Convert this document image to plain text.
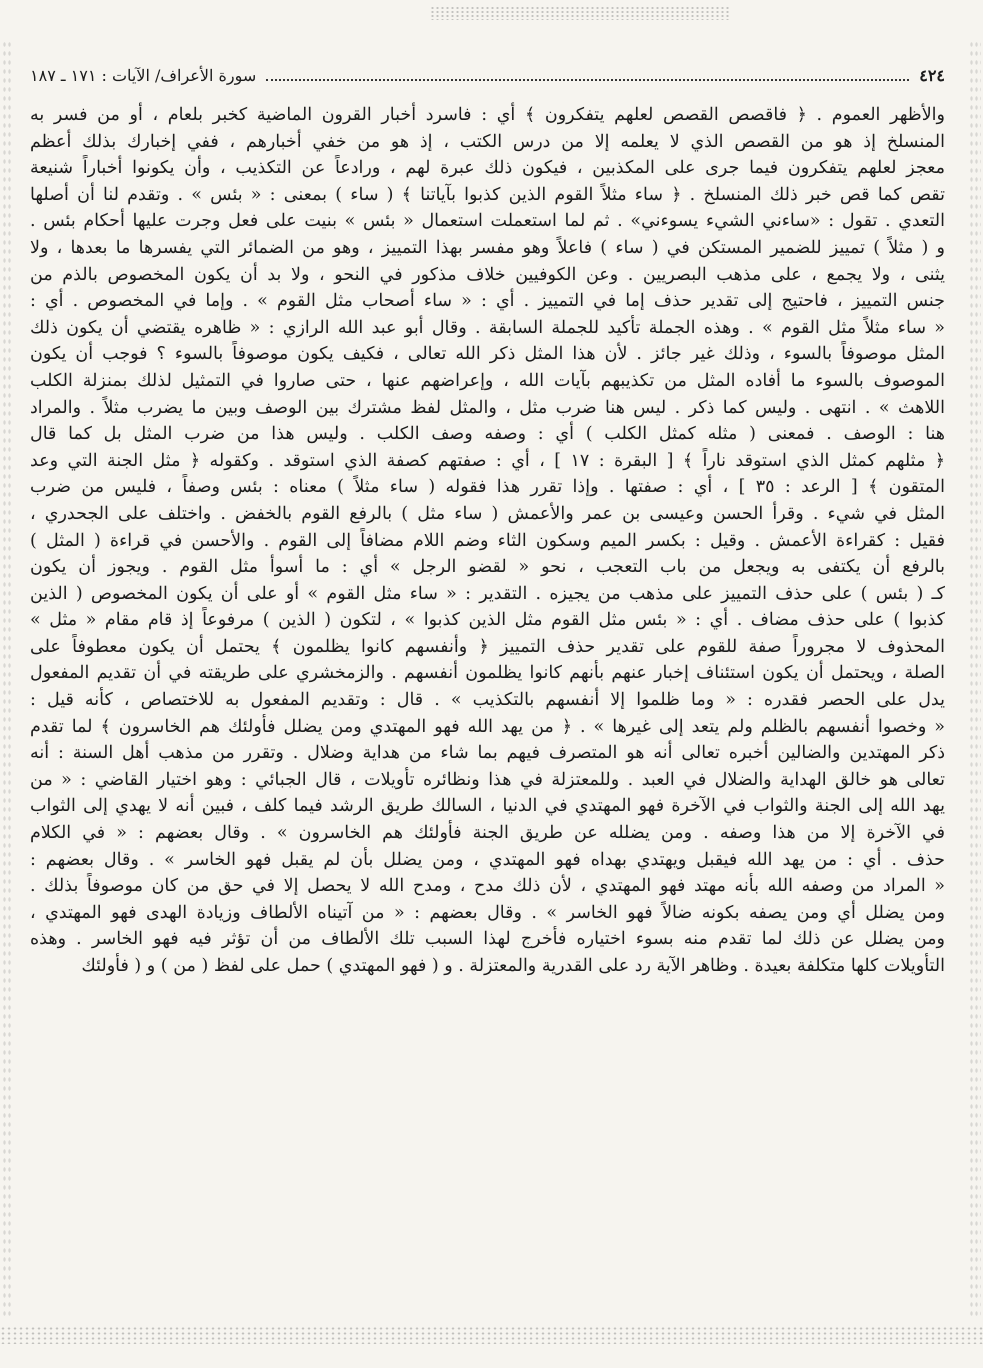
٤٢٤
سورة الأعراف/ الآيات : ١٧١ ـ ١٨٧
والأظهر العموم . ﴿ فاقصص القصص لعلهم يتفكرون ﴾ أي : فاسرد أخبار القرون الماضية كخبر بلعام ، أو من فسر به
المنسلخ إذ هو من القصص الذي لا يعلمه إلا من درس الكتب ، إذ هو من خفي أخبارهم ، ففي إخبارك بذلك أعظم
معجز لعلهم يتفكرون فيما جرى على المكذبين ، فيكون ذلك عبرة لهم ، ورادعاً عن التكذيب ، وأن يكونوا أخباراً شنيعة
تقص كما قص خبر ذلك المنسلخ . ﴿ ساء مثلاً القوم الذين كذبوا بآياتنا ﴾ ( ساء ) بمعنى : « بئس » . وتقدم لنا أن أصلها
التعدي . تقول : «ساءني الشيء يسوءني» . ثم لما استعملت استعمال « بئس » بنيت على فعل وجرت عليها أحكام بئس .
و ( مثلاً ) تمييز للضمير المستكن في ( ساء ) فاعلاً وهو مفسر بهذا التمييز ، وهو من الضمائر التي يفسرها ما بعدها ، ولا
يثنى ، ولا يجمع ، على مذهب البصريين . وعن الكوفيين خلاف مذكور في النحو ، ولا بد أن يكون المخصوص بالذم من
جنس التمييز ، فاحتيج إلى تقدير حذف إما في التمييز . أي : « ساء أصحاب مثل القوم » . وإما في المخصوص . أي :
« ساء مثلاً مثل القوم » . وهذه الجملة تأكيد للجملة السابقة . وقال أبو عبد الله الرازي : « ظاهره يقتضي أن يكون ذلك
المثل موصوفاً بالسوء ، وذلك غير جائز . لأن هذا المثل ذكر الله تعالى ، فكيف يكون موصوفاً بالسوء ؟ فوجب أن يكون
الموصوف بالسوء ما أفاده المثل من تكذيبهم بآيات الله ، وإعراضهم عنها ، حتى صاروا في التمثيل لذلك بمنزلة الكلب
اللاهث » . انتهى . وليس كما ذكر . ليس هنا ضرب مثل ، والمثل لفظ مشترك بين الوصف وبين ما يضرب مثلاً . والمراد
هنا : الوصف . فمعنى ( مثله كمثل الكلب ) أي : وصفه وصف الكلب . وليس هذا من ضرب المثل بل كما قال
﴿ مثلهم كمثل الذي استوقد ناراً ﴾ [ البقرة : ١٧ ] ، أي : صفتهم كصفة الذي استوقد . وكقوله ﴿ مثل الجنة التي وعد
المتقون ﴾ [ الرعد : ٣٥ ] ، أي : صفتها . وإذا تقرر هذا فقوله ( ساء مثلاً ) معناه : بئس وصفاً ، فليس من ضرب
المثل في شيء . وقرأ الحسن وعيسى بن عمر والأعمش ( ساء مثل ) بالرفع القوم بالخفض . واختلف على الجحدري ،
فقيل : كقراءة الأعمش . وقيل : بكسر الميم وسكون الثاء وضم اللام مضافاً إلى القوم . والأحسن في قراءة ( المثل )
بالرفع أن يكتفى به ويجعل من باب التعجب ، نحو « لقضو الرجل » أي : ما أسوأ مثل القوم . ويجوز أن يكون
كـ ( بئس ) على حذف التمييز على مذهب من يجيزه . التقدير : « ساء مثل القوم » أو على أن يكون المخصوص ( الذين
كذبوا ) على حذف مضاف . أي : « بئس مثل القوم مثل الذين كذبوا » ، لتكون ( الذين ) مرفوعاً إذ قام مقام « مثل »
المحذوف لا مجروراً صفة للقوم على تقدير حذف التمييز ﴿ وأنفسهم كانوا يظلمون ﴾ يحتمل أن يكون معطوفاً على
الصلة ، ويحتمل أن يكون استئناف إخبار عنهم بأنهم كانوا يظلمون أنفسهم . والزمخشري على طريقته في أن تقديم المفعول
يدل على الحصر فقدره : « وما ظلموا إلا أنفسهم بالتكذيب » . قال : وتقديم المفعول به للاختصاص ، كأنه قيل :
« وخصوا أنفسهم بالظلم ولم يتعد إلى غيرها » . ﴿ من يهد الله فهو المهتدي ومن يضلل فأولئك هم الخاسرون ﴾ لما تقدم
ذكر المهتدين والضالين أخبره تعالى أنه هو المتصرف فيهم بما شاء من هداية وضلال . وتقرر من مذهب أهل السنة : أنه
تعالى هو خالق الهداية والضلال في العبد . وللمعتزلة في هذا ونظائره تأويلات ، قال الجبائي : وهو اختيار القاضي : « من
يهد الله إلى الجنة والثواب في الآخرة فهو المهتدي في الدنيا ، السالك طريق الرشد فيما كلف ، فبين أنه لا يهدي إلى الثواب
في الآخرة إلا من هذا وصفه . ومن يضلله عن طريق الجنة فأولئك هم الخاسرون » . وقال بعضهم : « في الكلام
حذف . أي : من يهد الله فيقبل ويهتدي بهداه فهو المهتدي ، ومن يضلل بأن لم يقبل فهو الخاسر » . وقال بعضهم :
« المراد من وصفه الله بأنه مهتد فهو المهتدي ، لأن ذلك مدح ، ومدح الله لا يحصل إلا في حق من كان موصوفاً بذلك .
ومن يضلل أي ومن يصفه بكونه ضالاً فهو الخاسر » . وقال بعضهم : « من آتيناه الألطاف وزيادة الهدى فهو المهتدي ،
ومن يضلل عن ذلك لما تقدم منه بسوء اختياره فأخرج لهذا السبب تلك الألطاف من أن تؤثر فيه فهو الخاسر . وهذه
التأويلات كلها متكلفة بعيدة . وظاهر الآية رد على القدرية والمعتزلة . و ( فهو المهتدي ) حمل على لفظ ( من ) و ( فأولئك
